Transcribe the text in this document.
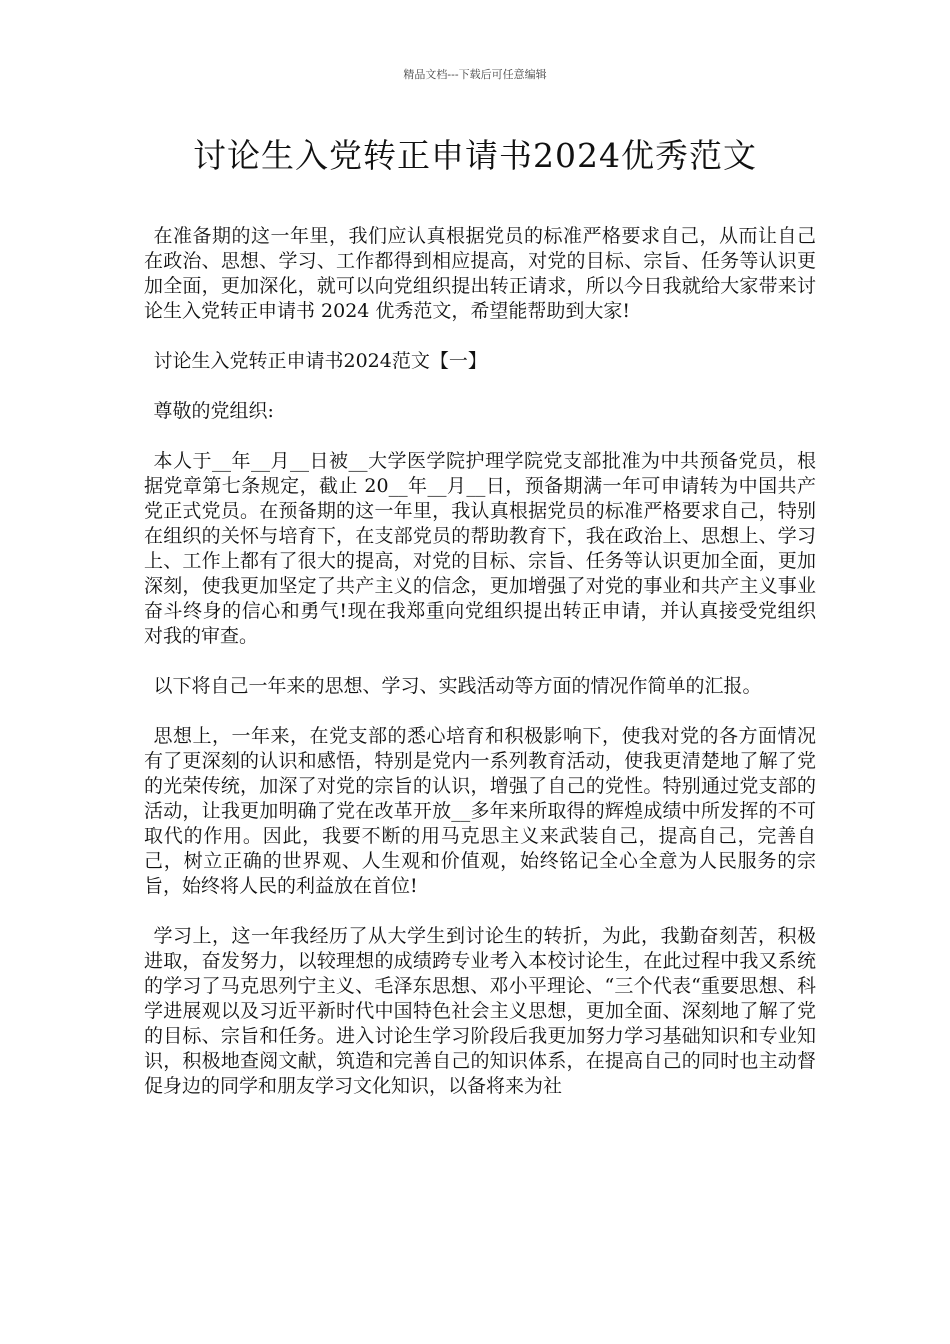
精品文档---下载后可任意编辑
讨论生入党转正申请书2024优秀范文

在准备期的这一年里，我们应认真根据党员的标准严格要求自己，从而让自己在政治、思想、学习、工作都得到相应提高，对党的目标、宗旨、任务等认识更加全面，更加深化，就可以向党组织提出转正请求，所以今日我就给大家带来讨论生入党转正申请书 2024 优秀范文，希望能帮助到大家!

讨论生入党转正申请书2024范文【一】

尊敬的党组织:

本人于__年__月__日被__大学医学院护理学院党支部批准为中共预备党员，根据党章第七条规定，截止 20__年__月__日，预备期满一年可申请转为中国共产党正式党员。在预备期的这一年里，我认真根据党员的标准严格要求自己，特别在组织的关怀与培育下，在支部党员的帮助教育下，我在政治上、思想上、学习上、工作上都有了很大的提高，对党的目标、宗旨、任务等认识更加全面，更加深刻，使我更加坚定了共产主义的信念，更加增强了对党的事业和共产主义事业奋斗终身的信心和勇气!现在我郑重向党组织提出转正申请，并认真接受党组织对我的审查。

以下将自己一年来的思想、学习、实践活动等方面的情况作简单的汇报。

思想上，一年来，在党支部的悉心培育和积极影响下，使我对党的各方面情况有了更深刻的认识和感悟，特别是党内一系列教育活动，使我更清楚地了解了党的光荣传统，加深了对党的宗旨的认识，增强了自己的党性。特别通过党支部的活动，让我更加明确了党在改革开放__多年来所取得的辉煌成绩中所发挥的不可取代的作用。因此，我要不断的用马克思主义来武装自己，提高自己，完善自己，树立正确的世界观、人生观和价值观，始终铭记全心全意为人民服务的宗旨，始终将人民的利益放在首位!

学习上，这一年我经历了从大学生到讨论生的转折，为此，我勤奋刻苦，积极进取，奋发努力，以较理想的成绩跨专业考入本校讨论生，在此过程中我又系统的学习了马克思列宁主义、毛泽东思想、邓小平理论、“三个代表“重要思想、科学进展观以及习近平新时代中国特色社会主义思想，更加全面、深刻地了解了党的目标、宗旨和任务。进入讨论生学习阶段后我更加努力学习基础知识和专业知识，积极地查阅文献，筑造和完善自己的知识体系，在提高自己的同时也主动督促身边的同学和朋友学习文化知识，以备将来为社
